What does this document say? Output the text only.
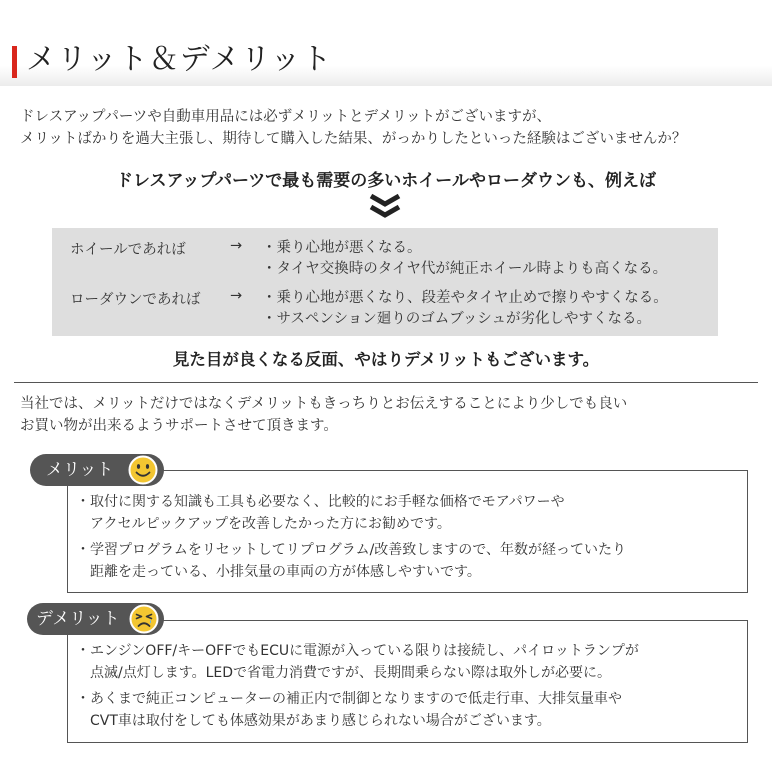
メリット＆デメリット

ドレスアップパーツや自動車用品には必ずメリットとデメリットがございますが、

メリットばかりを過大主張し、期待して購入した結果、がっかりしたといった経験はございませんか？

ドレスアップパーツで最も需要の多いホイールやローダウンも、例えば
ホイールであれば	→ ・乗り心地が悪くなる。
・タイヤ交換時のタイヤ代が純正ホイール時よりも高くなる。
ローダウンであれば → ・乗り心地が悪くなり、段差やタイヤ止めで擦りやすくなる。
・サスペンション廻りのゴムブッシュが劣化しやすくなる。
見た目が良くなる反面、やはりデメリットもございます。

当社では、メリットだけではなくデメリットもきっちりとお伝えすることにより少しでも良い

お買い物が出来るようサポートさせて頂きます。

・ 取付に関する知識も工具も必要なく、比較的にお手軽な価格でモアパワーや
アクセルピックアップを改善したかった方にお勧めです。
・ 学習プログラムをリセットしてリプログラム/改善致しますので、年数が経っていたり
距離を走っている、小排気量の車両の方が体感しやすいです。
メリット
・ エンジンOFF/キーOFFでもECUに電源が入っている限りは接続し、パイロットランプが
点滅/点灯します。LEDで省電力消費ですが、長期間乗らない際は取外しが必要に。
・ あくまで純正コンピューターの補正内で制御となりますので低走行車、大排気量車や
CVT車は取付をしても体感効果があまり感じられない場合がございます。
デメリット
